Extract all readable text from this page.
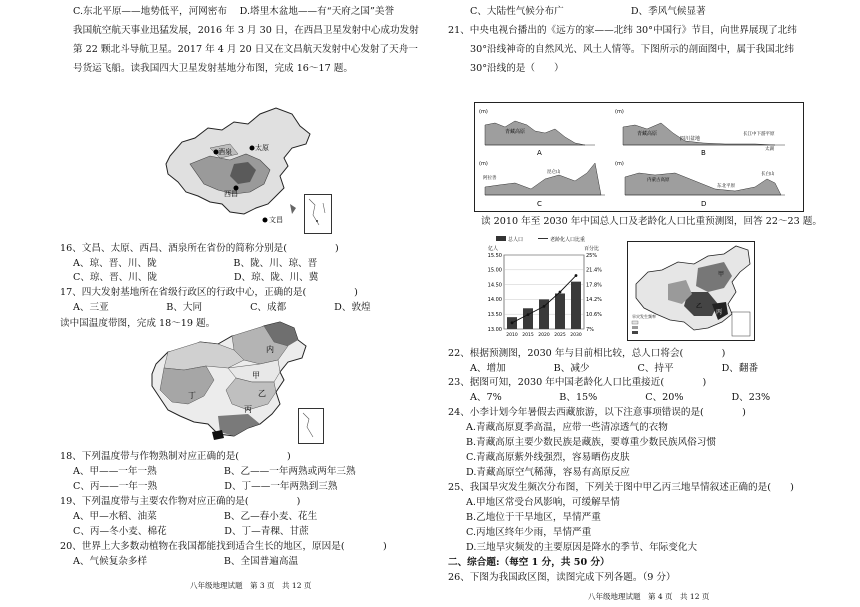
C.东北平原——地势低平，河网密布　 D.塔里木盆地——有“天府之国”美誉
我国航空航天事业迅猛发展，2016 年 3 月 30 日，在西昌卫星发射中心成功发射
第 22 颗北斗导航卫星。2017 年 4 月 20 日又在文昌航天发射中心发射了天舟一
号货运飞船。读我国四大卫星发射基地分布图，完成 16～17 题。
太原
西昌
酒泉
文昌
16、文昌、太原、西昌、酒泉所在省份的简称分别是(　　　　　)
A、琼、晋、川、陇　　　　　　　　B、陇、川、琼、晋
C、琼、晋、川、陇　　　　　　　　D、琼、陇、川、冀
17、四大发射基地所在省级行政区的行政中心，正确的是(　　　　　)
A、三亚　　　　　　B、大同　　　　　C、成都　　　　　D、敦煌
读中国温度带图，完成 18～19 题。
内
甲
乙
丙
丁
18、下列温度带与作物熟制对应正确的是(　　　　　)
A、甲——一年一熟　　　　　　　B、乙——一年两熟或两年三熟
C、丙——一年一熟　　　　　　　D、丁——一年两熟到三熟
19、下列温度带与主要农作物对应正确的是(　　　　　)
A、甲—水稻、油菜　　　　　　　B、乙—春小麦、花生
C、丙—冬小麦、棉花　　　　　　D、丁—青稞、甘蔗
20、世界上大多数动植物在我国都能找到适合生长的地区，原因是(　　　　)
A、气候复杂多样　　　　　　　　B、全国普遍高温
八年级地理试题　第 3 页　共 12 页
C、大陆性气候分布广　　　　　　　D、季风气候显著
21、中央电视台播出的《远方的家——北纬 30°中国行》节目，向世界展现了北纬
30°沿线神奇的自然风光、风土人情等。下图所示的剖面图中，属于我国北纬
30°沿线的是（　　）
(m)
青藏高原
A
(m)
青藏高原
四川盆地
长江中下游平原
太湖
B
(m)
阿拉善
昆仑山
C
(m)
内蒙古高原
东北平原
长白山
D
读 2010 年至 2030 年中国总人口及老龄化人口比重预测图，回答 22～23 题。
总人口	老龄化人口比重
亿人	百分比
15.50
15.00
14.50
14.00
13.50
13.00
25%
21.4%
17.8%
14.2%
10.6%
7%
2010 2015 2020 2025 2030
甲
乙
丙
旱灾发生频率
22、根据预测图，2030 年与目前相比较，总人口将会(　　　　)
A、增加　　　　　B、减少　　　　　C、持平　　　　　D、翻番
23、据图可知，2030 年中国老龄化人口比重接近(　　　　)
A、7%　　　　　　B、15%　　　　　C、20%　　　　　D、23%
24、小李计划今年暑假去西藏旅游，以下注意事项错误的是(　　　　)
A.青藏高原夏季高温，应带一些清凉透气的衣物
B.青藏高原主要少数民族是藏族，要尊重少数民族风俗习惯
C.青藏高原紫外线强烈，容易晒伤皮肤
D.青藏高原空气稀薄，容易有高原反应
25、我国旱灾发生频次分布图，下列关于图中甲乙丙三地旱情叙述正确的是(　　)
A.甲地区常受台风影响，可缓解旱情
B.乙地位于干旱地区，旱情严重
C.丙地区终年少雨，旱情严重
D.三地旱灾频发的主要原因是降水的季节、年际变化大
二、综合题:（每空 1 分，共 50 分）
26、下图为我国政区图，读图完成下列各题。（9 分）
八年级地理试题　第 4 页　共 12 页
